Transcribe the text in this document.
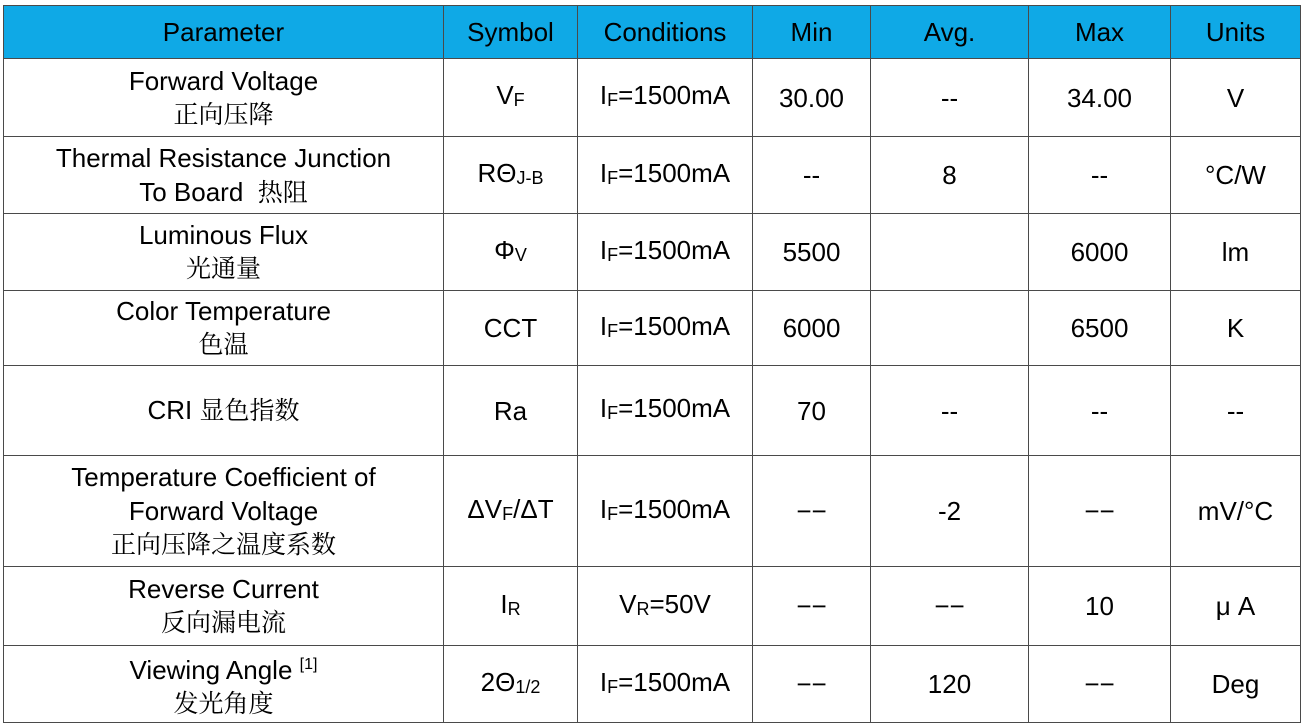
Parameter	Symbol	Conditions	Min	Avg.	Max	Units

Forward Voltage
正向压降	VF	IF=1500mA	30.00	--	34.00	V

Thermal Resistance Junction
To Board 热阻	RΘJ-B	IF=1500mA	--	8	--	°C/W

Luminous Flux
光通量	ΦV	IF=1500mA	5500		6000	lm

Color Temperature
色温	CCT	IF=1500mA	6000		6500	K
CRI 显色指数	Ra	IF=1500mA	70	--	--	--

Temperature Coefficient of
Forward Voltage
正向压降之温度系数	ΔVF/ΔT	IF=1500mA	−−	-2	−−	mV/°C

Reverse Current
反向漏电流	IR	VR=50V	−−	−−	10	μ A

Viewing Angle [1]
发光角度	2Θ1/2	IF=1500mA	−−	120	−−	Deg
